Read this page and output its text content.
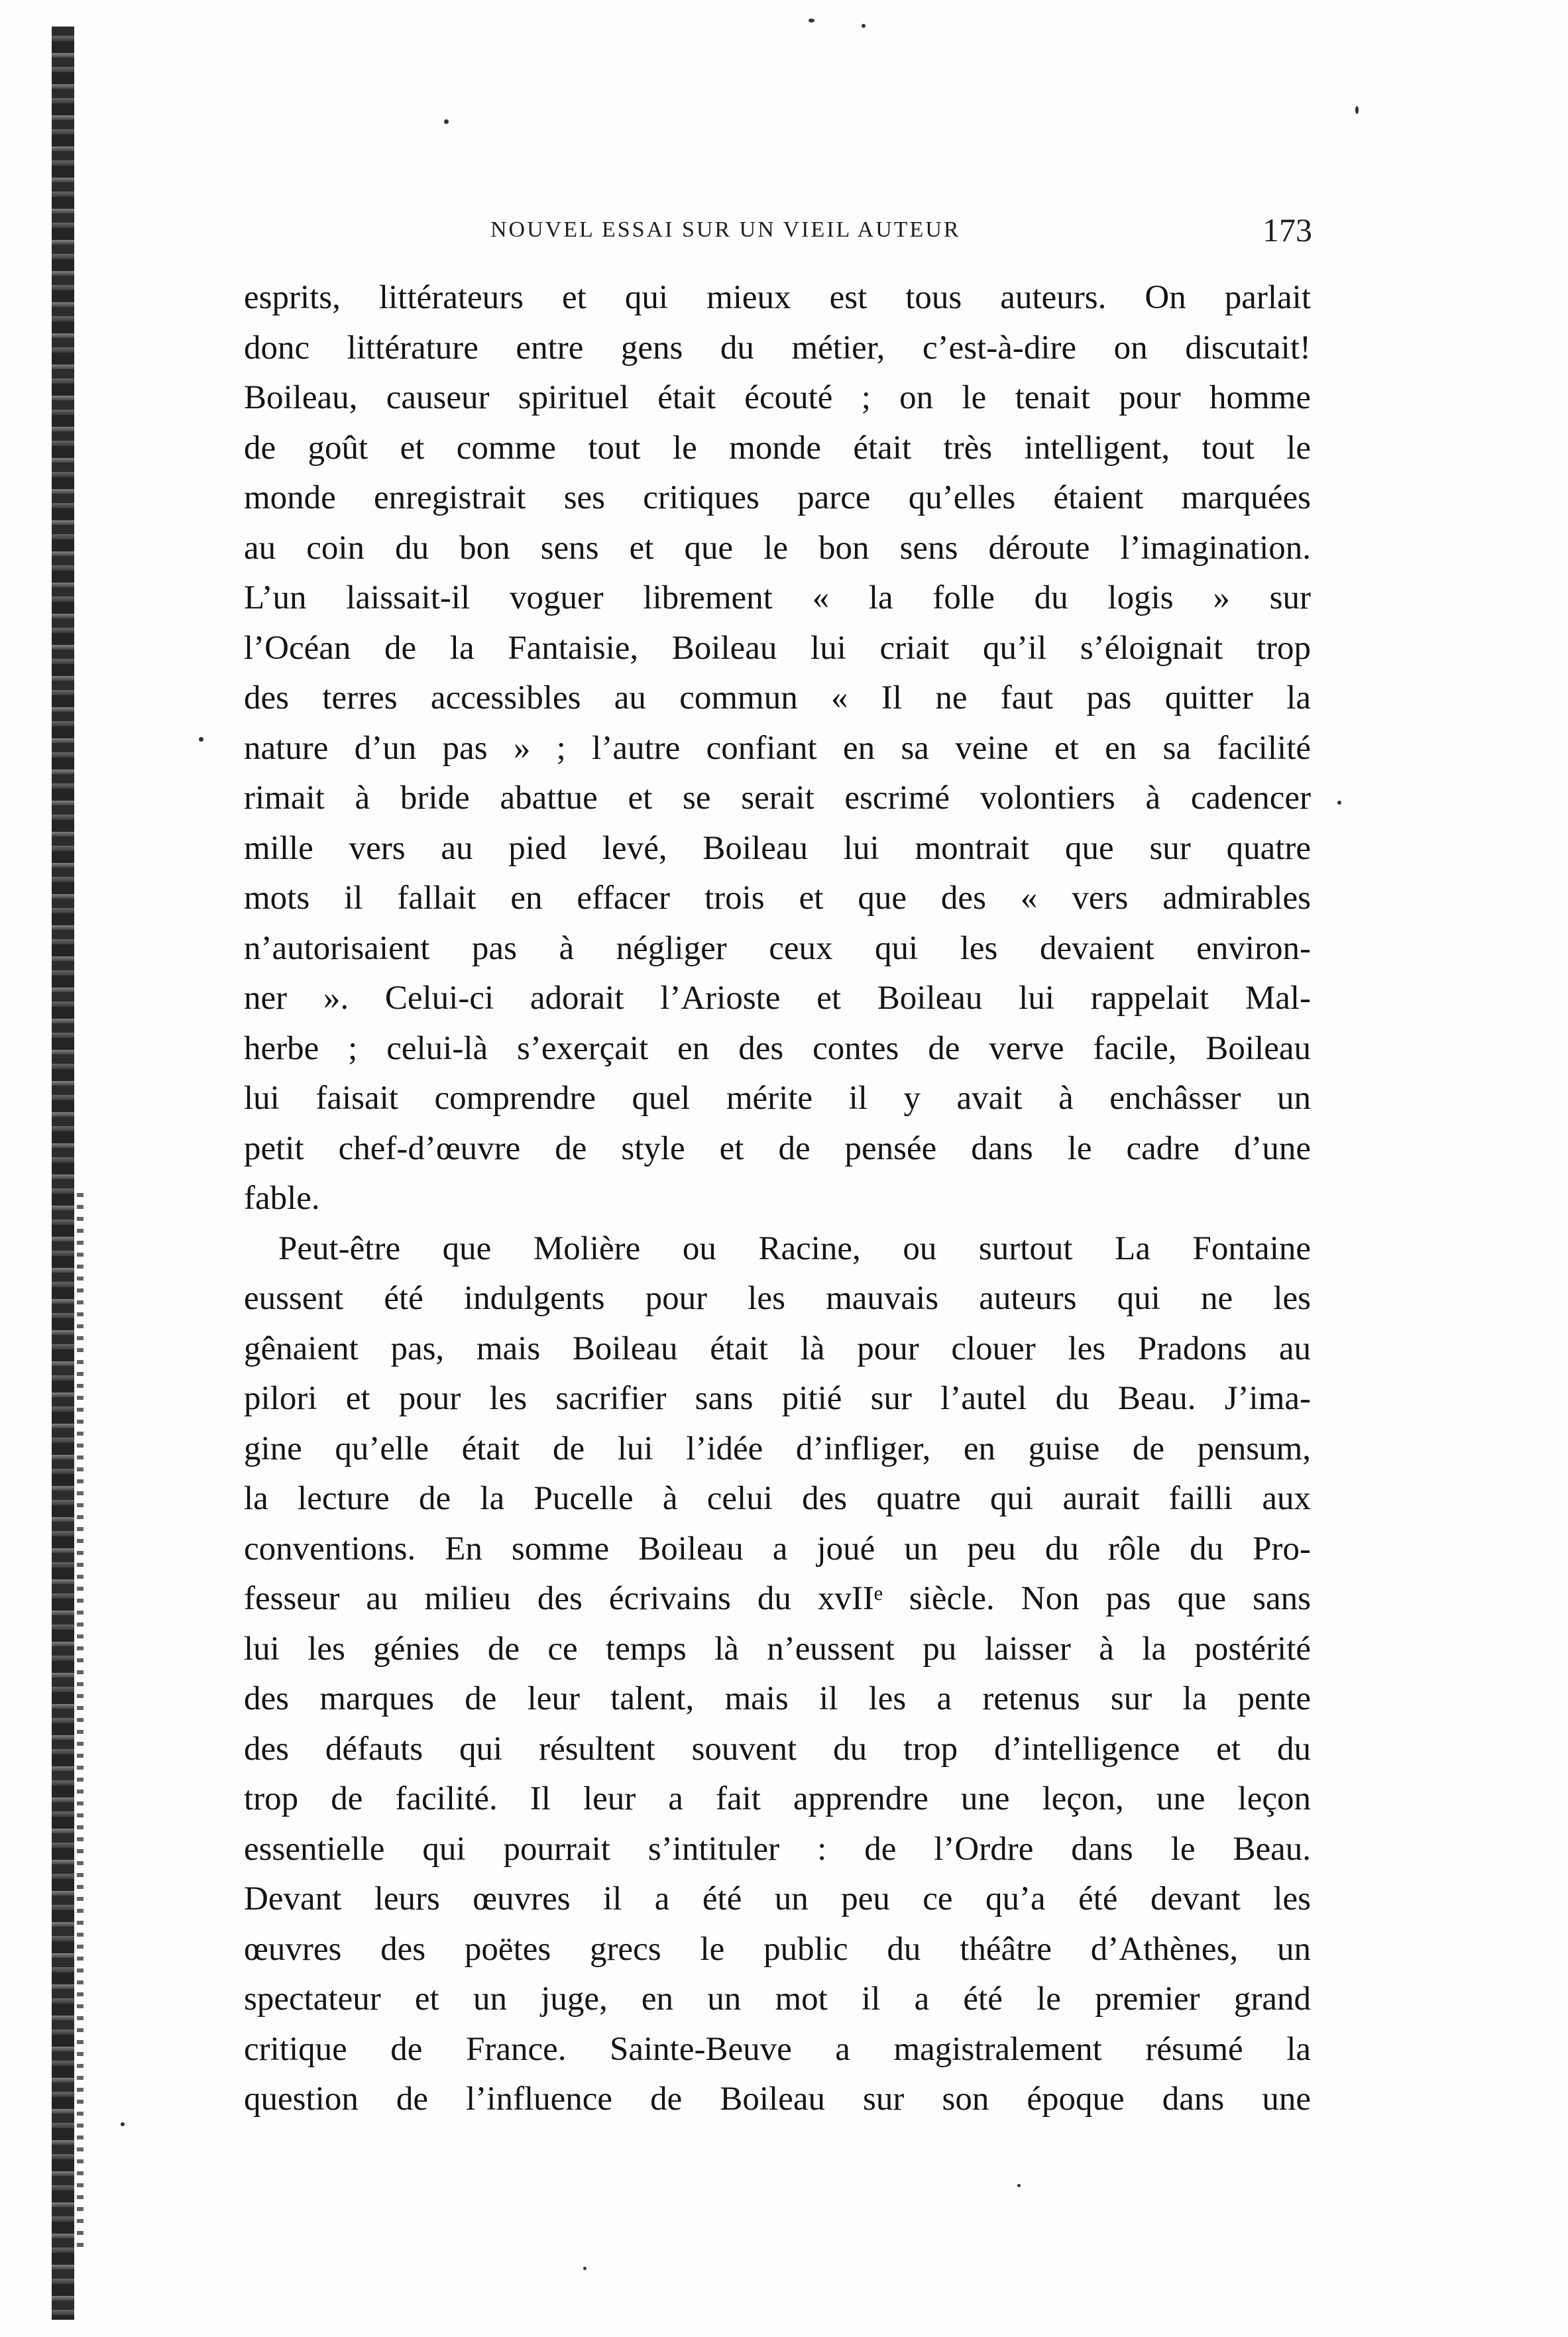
NOUVEL ESSAI SUR UN VIEIL AUTEUR	173
esprits, littérateurs et qui mieux est tous auteurs. On parlait
donc littérature entre gens du métier, c’est-à-dire on discutait!
Boileau, causeur spirituel était écouté ; on le tenait pour homme
de goût et comme tout le monde était très intelligent, tout le
monde enregistrait ses critiques parce qu’elles étaient marquées
au coin du bon sens et que le bon sens déroute l’imagination.
L’un laissait-il voguer librement « la folle du logis » sur
l’Océan de la Fantaisie, Boileau lui criait qu’il s’éloignait trop
des terres accessibles au commun « Il ne faut pas quitter la
nature d’un pas » ; l’autre confiant en sa veine et en sa facilité
rimait à bride abattue et se serait escrimé volontiers à cadencer
mille vers au pied levé, Boileau lui montrait que sur quatre
mots il fallait en effacer trois et que des « vers admirables
n’autorisaient pas à négliger ceux qui les devaient environ-
ner ». Celui-ci adorait l’Arioste et Boileau lui rappelait Mal-
herbe ; celui-là s’exerçait en des contes de verve facile, Boileau
lui faisait comprendre quel mérite il y avait à enchâsser un
petit chef-d’œuvre de style et de pensée dans le cadre d’une
fable.
Peut-être que Molière ou Racine, ou surtout La Fontaine
eussent été indulgents pour les mauvais auteurs qui ne les
gênaient pas, mais Boileau était là pour clouer les Pradons au
pilori et pour les sacrifier sans pitié sur l’autel du Beau. J’ima-
gine qu’elle était de lui l’idée d’infliger, en guise de pensum,
la lecture de la Pucelle à celui des quatre qui aurait failli aux
conventions. En somme Boileau a joué un peu du rôle du Pro-
fesseur au milieu des écrivains du xvIIᵉ siècle. Non pas que sans
lui les génies de ce temps là n’eussent pu laisser à la postérité
des marques de leur talent, mais il les a retenus sur la pente
des défauts qui résultent souvent du trop d’intelligence et du
trop de facilité. Il leur a fait apprendre une leçon, une leçon
essentielle qui pourrait s’intituler : de l’Ordre dans le Beau.
Devant leurs œuvres il a été un peu ce qu’a été devant les
œuvres des poëtes grecs le public du théâtre d’Athènes, un
spectateur et un juge, en un mot il a été le premier grand
critique de France. Sainte-Beuve a magistralement résumé la
question de l’influence de Boileau sur son époque dans une
